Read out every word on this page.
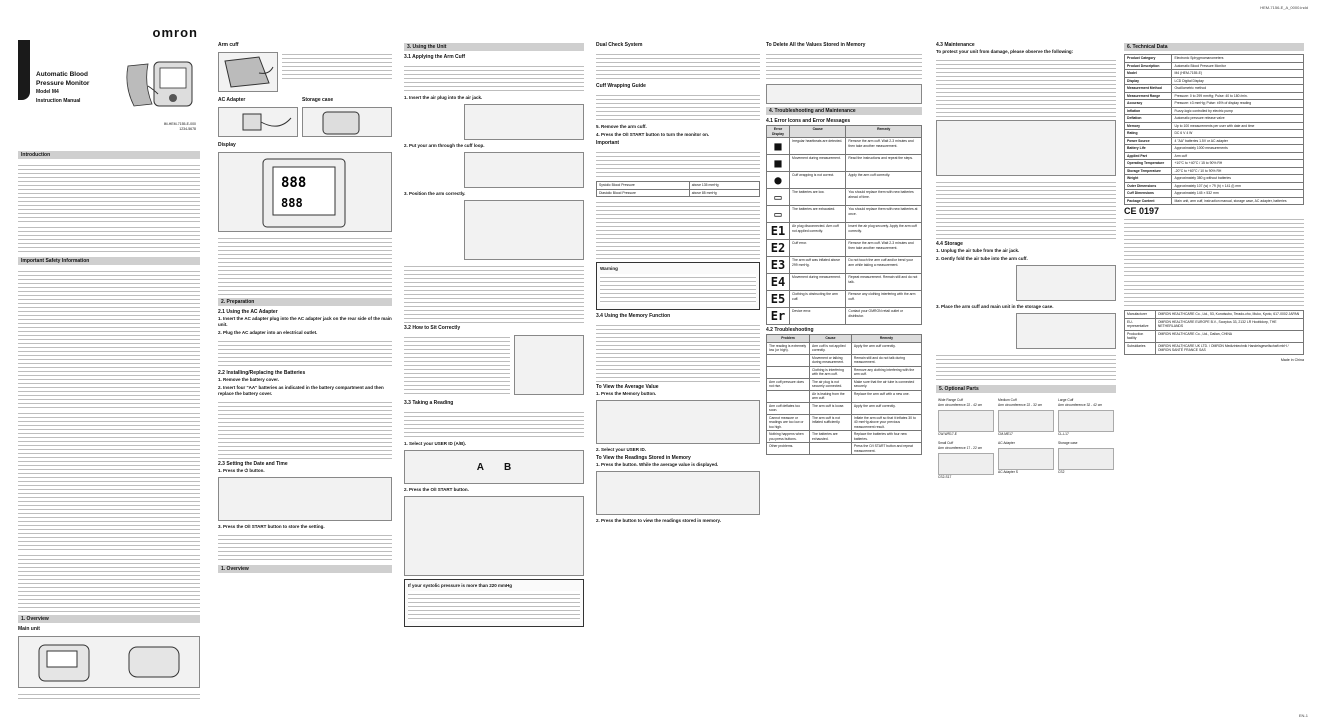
HEM-7156-E_A_0000.indd
omron
Automatic Blood
Pressure Monitor
Model M4
Instruction Manual
IM-HEM-7155-E-000
1234-5678
Introduction
Important Safety Information
1. Overview
Main unit
Arm cuff
AC Adapter	Storage case
Display
888
888
2. Preparation
2.1 Using the AC Adapter

1. Insert the AC adapter plug into the AC adapter jack on the rear side of the main unit.

2. Plug the AC adapter into an electrical outlet.

2.2 Installing/Replacing the Batteries

1. Remove the battery cover.

2. Insert four "AA" batteries as indicated in the battery compartment and then replace the battery cover.

2.3 Setting the Date and Time

1. Press the ⏻ button.

3. Press the O/I START button to store the setting.

1. Overview
3. Using the Unit
3.1 Applying the Arm Cuff

1. Insert the air plug into the air jack.

2. Put your arm through the cuff loop.

3. Position the arm correctly.

3.2 How to Sit Correctly
3.3 Taking a Reading

1. Select your USER ID (A/B).

A B

2. Press the O/I START button.

If your systolic pressure is more than 220 mmHg
Dual Check System
Cuff Wrapping Guide

5. Remove the arm cuff.

4. Press the O/I START button to turn the monitor on.

Important
Systolic Blood Pressure	above 135 mmHg
Diastolic Blood Pressure	above 85 mmHg
Warning
3.4 Using the Memory Function
To View the Average Value

1. Press the Memory button.

2. Select your USER ID.

To View the Readings Stored in Memory

1. Press the button. While the average value is displayed.

2. Press the button to view the readings stored in memory.

To Delete All the Values Stored in Memory
4. Troubleshooting and Maintenance
4.1 Error Icons and Error Messages
Error Display	Cause	Remedy
■	Irregular heartbeats are detected.	Remove the arm cuff. Wait 2-3 minutes and then take another measurement.
■	Movement during measurement.	Read the instructions and repeat the steps.
●	Cuff wrapping is not correct.	Apply the arm cuff correctly.
▭	The batteries are low.	You should replace them with new batteries ahead of time.
▭	The batteries are exhausted.	You should replace them with new batteries at once.
E1	Air plug disconnected. Arm cuff not applied correctly.	Insert the air plug securely. Apply the arm cuff correctly.
E2	Cuff error.	Remove the arm cuff. Wait 2-3 minutes and then take another measurement.
E3	The arm cuff was inflated above 299 mmHg.	Do not touch the arm cuff and/or bend your arm while taking a measurement.
E4	Movement during measurement.	Repeat measurement. Remain still and do not talk.
E5	Clothing is obstructing the arm cuff.	Remove any clothing interfering with the arm cuff.
Er	Device error.	Contact your OMRON retail outlet or distributor.
4.2 Troubleshooting
Problem	Cause	Remedy
The reading is extremely low (or high).	Arm cuff is not applied correctly.	Apply the arm cuff correctly.
	Movement or talking during measurement.	Remain still and do not talk during measurement.
	Clothing is interfering with the arm cuff.	Remove any clothing interfering with the arm cuff.
Arm cuff pressure does not rise.	The air plug is not securely connected.	Make sure that the air tube is connected securely.
	Air is leaking from the arm cuff.	Replace the arm cuff with a new one.
Arm cuff deflates too soon.	The arm cuff is loose.	Apply the arm cuff correctly.
Cannot measure or readings are too low or too high.	The arm cuff is not inflated sufficiently.	Inflate the arm cuff so that it inflates 30 to 40 mmHg above your previous measurement result.
Nothing happens when you press buttons.	The batteries are exhausted.	Replace the batteries with four new batteries.
Other problems.		Press the O/I START button and repeat measurement.
4.3 Maintenance

To protect your unit from damage, please observe the following:

4.4 Storage

1. Unplug the air tube from the air jack.

2. Gently fold the air tube into the arm cuff.

3. Place the arm cuff and main unit in the storage case.

5. Optional Parts
Wide Range Cuff
Arm circumference 22 - 42 cm
CW-WR17-E
Medium Cuff
Arm circumference 22 - 32 cm
CM-ME17
Large Cuff
Arm circumference 32 - 42 cm
CL-L17
Small Cuff
Arm circumference 17 - 22 cm
CS2-S17
AC Adapter
AC Adapter S
Storage case
CS2
6. Technical Data
Product Category	Electronic Sphygmomanometers
Product Description	Automatic Blood Pressure Monitor
Model	M4 (HEM-7155-E)
Display	LCD Digital Display
Measurement Method	Oscillometric method
Measurement Range	Pressure: 0 to 299 mmHg; Pulse: 40 to 180 /min.
Accuracy	Pressure: ±3 mmHg; Pulse: ±5% of display reading
Inflation	Fuzzy-logic controlled by electric pump
Deflation	Automatic pressure release valve
Memory	Up to 100 measurements per user with date and time
Rating	DC 6 V 4 W
Power Source	4 "AA" batteries 1.5V or AC adapter
Battery Life	Approximately 1000 measurements
Applied Part	Arm cuff
Operating Temperature	+10°C to +40°C / 15 to 90% RH
Storage Temperature	-20°C to +60°C / 10 to 90% RH
Weight	Approximately 380 g without batteries
Outer Dimensions	Approximately 107 (w) × 79 (h) × 141 (l) mm
Cuff Dimensions	Approximately 145 × 532 mm
Package Content	Main unit, arm cuff, instruction manual, storage case, AC adapter, batteries
CE 0197
Manufacturer	OMRON HEALTHCARE Co., Ltd., 53, Kunotsubo, Terado-cho, Muko, Kyoto, 617-0002 JAPAN
EU-representative	OMRON HEALTHCARE EUROPE B.V., Scorpius 33, 2132 LR Hoofddorp, THE NETHERLANDS
Production facility	OMRON HEALTHCARE Co., Ltd., Dalian, CHINA
Subsidiaries	OMRON HEALTHCARE UK LTD. / OMRON Medizintechnik Handelsgesellschaft mbH / OMRON SANTÉ FRANCE SAS
Made in China
EN-1
